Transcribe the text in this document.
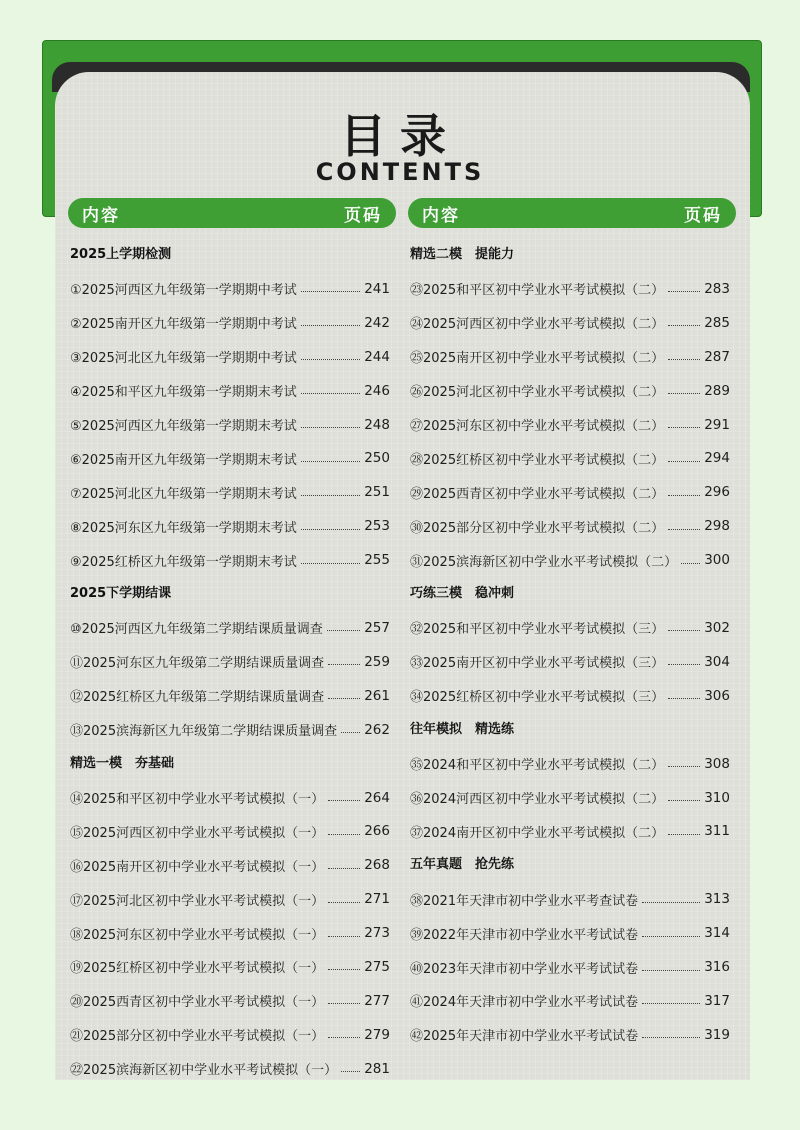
目录
CONTENTS
内容	页码 内容	页码
2025上学期检测
①2025河西区九年级第一学期期中考试	241
②2025南开区九年级第一学期期中考试	242
③2025河北区九年级第一学期期中考试	244
④2025和平区九年级第一学期期末考试	246
⑤2025河西区九年级第一学期期末考试	248
⑥2025南开区九年级第一学期期末考试	250
⑦2025河北区九年级第一学期期末考试	251
⑧2025河东区九年级第一学期期末考试	253
⑨2025红桥区九年级第一学期期末考试	255
2025下学期结课
⑩2025河西区九年级第二学期结课质量调查	257
⑪2025河东区九年级第二学期结课质量调查	259
⑫2025红桥区九年级第二学期结课质量调查	261
⑬2025滨海新区九年级第二学期结课质量调查 262
精选一模　夯基础
⑭2025和平区初中学业水平考试模拟（一）	264
⑮2025河西区初中学业水平考试模拟（一）	266
⑯2025南开区初中学业水平考试模拟（一）	268
⑰2025河北区初中学业水平考试模拟（一）	271
⑱2025河东区初中学业水平考试模拟（一）	273
⑲2025红桥区初中学业水平考试模拟（一）	275
⑳2025西青区初中学业水平考试模拟（一）	277
㉑2025部分区初中学业水平考试模拟（一）	279
㉒2025滨海新区初中学业水平考试模拟（一） 281
精选二模　提能力
㉓2025和平区初中学业水平考试模拟（二）	283
㉔2025河西区初中学业水平考试模拟（二）	285
㉕2025南开区初中学业水平考试模拟（二）	287
㉖2025河北区初中学业水平考试模拟（二）	289
㉗2025河东区初中学业水平考试模拟（二）	291
㉘2025红桥区初中学业水平考试模拟（二）	294
㉙2025西青区初中学业水平考试模拟（二）	296
㉚2025部分区初中学业水平考试模拟（二）	298
㉛2025滨海新区初中学业水平考试模拟（二） 300
巧练三模　稳冲刺
㉜2025和平区初中学业水平考试模拟（三）	302
㉝2025南开区初中学业水平考试模拟（三）	304
㉞2025红桥区初中学业水平考试模拟（三）	306
往年模拟　精选练
㉟2024和平区初中学业水平考试模拟（二）	308
㊱2024河西区初中学业水平考试模拟（二）	310
㊲2024南开区初中学业水平考试模拟（二）	311
五年真题　抢先练
㊳2021年天津市初中学业水平考查试卷	313
㊴2022年天津市初中学业水平考试试卷	314
㊵2023年天津市初中学业水平考试试卷	316
㊶2024年天津市初中学业水平考试试卷	317
㊷2025年天津市初中学业水平考试试卷	319
